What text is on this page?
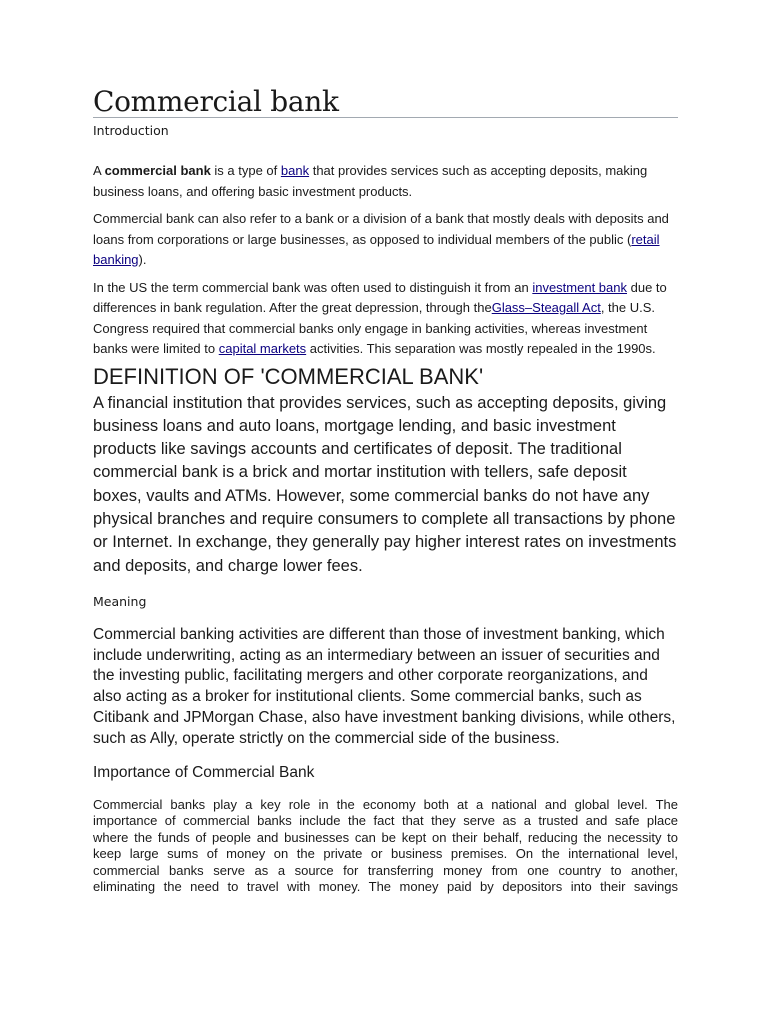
Commercial bank
Introduction

A commercial bank is a type of bank that provides services such as accepting deposits, making business loans, and offering basic investment products.

Commercial bank can also refer to a bank or a division of a bank that mostly deals with deposits and loans from corporations or large businesses, as opposed to individual members of the public (retail banking).

In the US the term commercial bank was often used to distinguish it from an investment bank due to differences in bank regulation. After the great depression, through theGlass–Steagall Act, the U.S. Congress required that commercial banks only engage in banking activities, whereas investment banks were limited to capital markets activities. This separation was mostly repealed in the 1990s.

DEFINITION OF 'COMMERCIAL BANK'

A financial institution that provides services, such as accepting deposits, giving business loans and auto loans, mortgage lending, and basic investment products like savings accounts and certificates of deposit. The traditional commercial bank is a brick and mortar institution with tellers, safe deposit boxes, vaults and ATMs. However, some commercial banks do not have any physical branches and require consumers to complete all transactions by phone or Internet. In exchange, they generally pay higher interest rates on investments and deposits, and charge lower fees.

Meaning

Commercial banking activities are different than those of investment banking, which include underwriting, acting as an intermediary between an issuer of securities and the investing public, facilitating mergers and other corporate reorganizations, and also acting as a broker for institutional clients. Some commercial banks, such as Citibank and JPMorgan Chase, also have investment banking divisions, while others, such as Ally, operate strictly on the commercial side of the business.

Importance of Commercial Bank

Commercial banks play a key role in the economy both at a national and global level. The
importance of commercial banks include the fact that they serve as a trusted and safe place
where the funds of people and businesses can be kept on their behalf, reducing the necessity to
keep large sums of money on the private or business premises. On the international level,
commercial banks serve as a source for transferring money from one country to another,
eliminating the need to travel with money. The money paid by depositors into their savings
